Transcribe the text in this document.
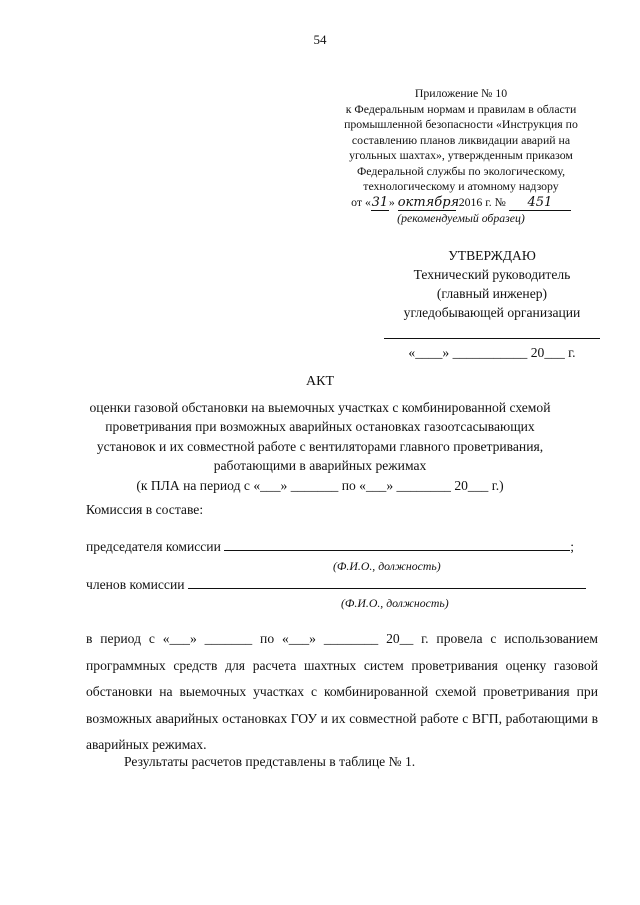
54
Приложение № 10
к Федеральным нормам и правилам в области
промышленной безопасности «Инструкция по
составлению планов ликвидации аварий на
угольных шахтах», утвержденным приказом
Федеральной службы по экологическому,
технологическому и атомному надзору
от «31» октября 2016 г. № 451
(рекомендуемый образец)
УТВЕРЖДАЮ
Технический руководитель
(главный инженер)
угледобывающей организации
«____» ___________ 20___ г.
АКТ
оценки газовой обстановки на выемочных участках с комбинированной схемой
проветривания при возможных аварийных остановках газоотсасывающих
установок и их совместной работе с вентиляторами главного проветривания,
работающими в аварийных режимах
(к ПЛА на период с «___» _______ по «___» ________ 20___ г.)
Комиссия в составе:
председателя комиссии	;
(Ф.И.О., должность)
членов комиссии
(Ф.И.О., должность)
в период с «___» _______ по «___» ________ 20__ г. провела с использованием программных средств для расчета шахтных систем проветривания оценку газовой обстановки на выемочных участках с комбинированной схемой проветривания при возможных аварийных остановках ГОУ и их совместной работе с ВГП, работающими в аварийных режимах.
Результаты расчетов представлены в таблице № 1.
